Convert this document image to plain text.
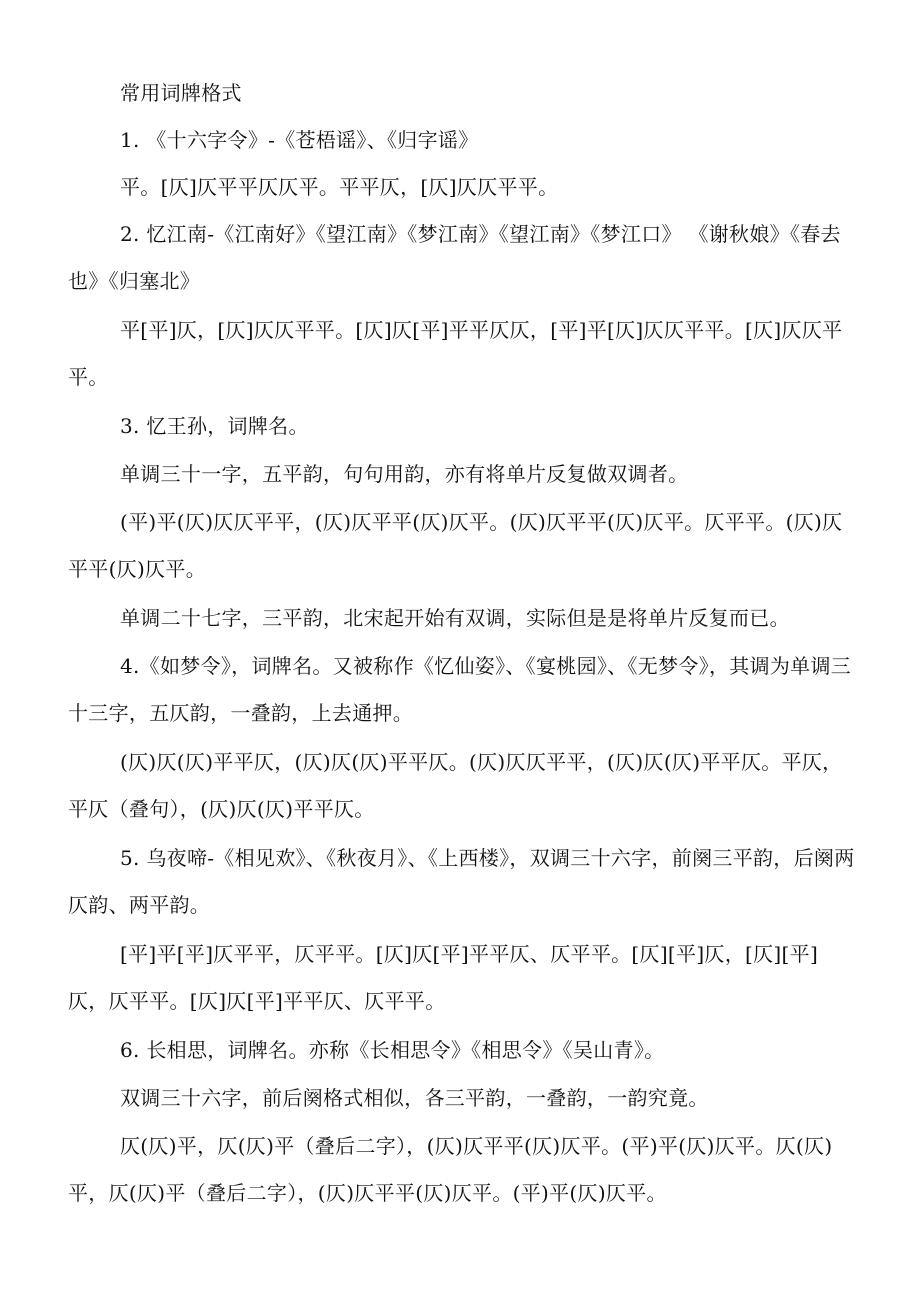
常用词牌格式
1. 《十六字令》-《苍梧谣》、《归字谣》
平。[仄]仄平平仄仄平。平平仄，[仄]仄仄平平。
2. 忆江南-《江南好》《望江南》《梦江南》《望江南》《梦江口》 《谢秋娘》《春去也》《归塞北》
平[平]仄，[仄]仄仄平平。[仄]仄[平]平平仄仄，[平]平[仄]仄仄平平。[仄]仄仄平平。
3. 忆王孙，词牌名。
单调三十一字，五平韵，句句用韵，亦有将单片反复做双调者。
(平)平(仄)仄仄平平，(仄)仄平平(仄)仄平。(仄)仄平平(仄)仄平。仄平平。(仄)仄平平(仄)仄平。
单调二十七字，三平韵，北宋起开始有双调，实际但是是将单片反复而已。
4.《如梦令》，词牌名。又被称作《忆仙姿》、《宴桃园》、《无梦令》，其调为单调三十三字，五仄韵，一叠韵，上去通押。
(仄)仄(仄)平平仄，(仄)仄(仄)平平仄。(仄)仄仄平平，(仄)仄(仄)平平仄。平仄，平仄（叠句），(仄)仄(仄)平平仄。
5. 乌夜啼-《相见欢》、《秋夜月》、《上西楼》，双调三十六字，前阕三平韵，后阕两仄韵、两平韵。
[平]平[平]仄平平，仄平平。[仄]仄[平]平平仄、仄平平。[仄][平]仄，[仄][平]仄，仄平平。[仄]仄[平]平平仄、仄平平。
6. 长相思，词牌名。亦称《长相思令》《相思令》《吴山青》。
双调三十六字，前后阕格式相似，各三平韵，一叠韵，一韵究竟。
仄(仄)平，仄(仄)平（叠后二字），(仄)仄平平(仄)仄平。(平)平(仄)仄平。仄(仄)平，仄(仄)平（叠后二字），(仄)仄平平(仄)仄平。(平)平(仄)仄平。
